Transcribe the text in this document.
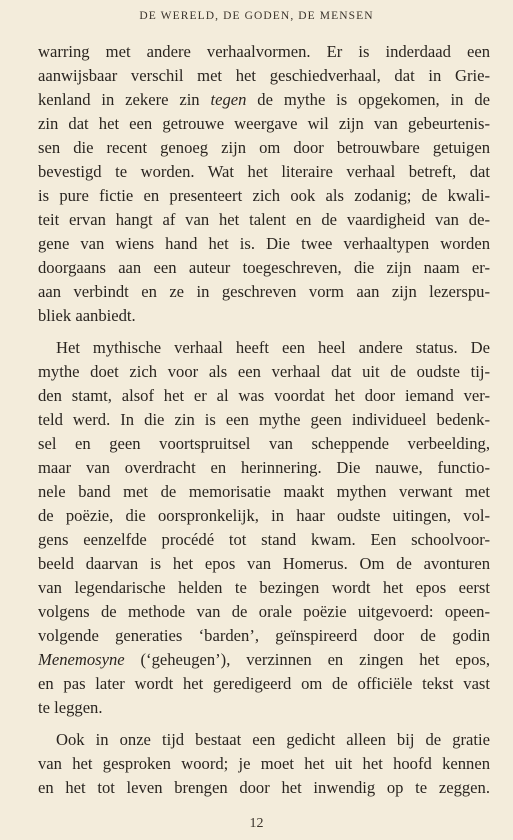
DE WERELD, DE GODEN, DE MENSEN
warring met andere verhaalvormen. Er is inderdaad een
aanwijsbaar verschil met het geschiedverhaal, dat in Grie-
kenland in zekere zin tegen de mythe is opgekomen, in de
zin dat het een getrouwe weergave wil zijn van gebeurtenis-
sen die recent genoeg zijn om door betrouwbare getuigen
bevestigd te worden. Wat het literaire verhaal betreft, dat
is pure fictie en presenteert zich ook als zodanig; de kwali-
teit ervan hangt af van het talent en de vaardigheid van de-
gene van wiens hand het is. Die twee verhaaltypen worden
doorgaans aan een auteur toegeschreven, die zijn naam er-
aan verbindt en ze in geschreven vorm aan zijn lezerspu-
bliek aanbiedt.
Het mythische verhaal heeft een heel andere status. De
mythe doet zich voor als een verhaal dat uit de oudste tij-
den stamt, alsof het er al was voordat het door iemand ver-
teld werd. In die zin is een mythe geen individueel bedenk-
sel en geen voortspruitsel van scheppende verbeelding,
maar van overdracht en herinnering. Die nauwe, functio-
nele band met de memorisatie maakt mythen verwant met
de poëzie, die oorspronkelijk, in haar oudste uitingen, vol-
gens eenzelfde procédé tot stand kwam. Een schoolvoor-
beeld daarvan is het epos van Homerus. Om de avonturen
van legendarische helden te bezingen wordt het epos eerst
volgens de methode van de orale poëzie uitgevoerd: opeen-
volgende generaties ‘barden’, geïnspireerd door de godin
Menemosyne (‘geheugen’), verzinnen en zingen het epos,
en pas later wordt het geredigeerd om de officiële tekst vast
te leggen.
Ook in onze tijd bestaat een gedicht alleen bij de gratie
van het gesproken woord; je moet het uit het hoofd kennen
en het tot leven brengen door het inwendig op te zeggen.
12
